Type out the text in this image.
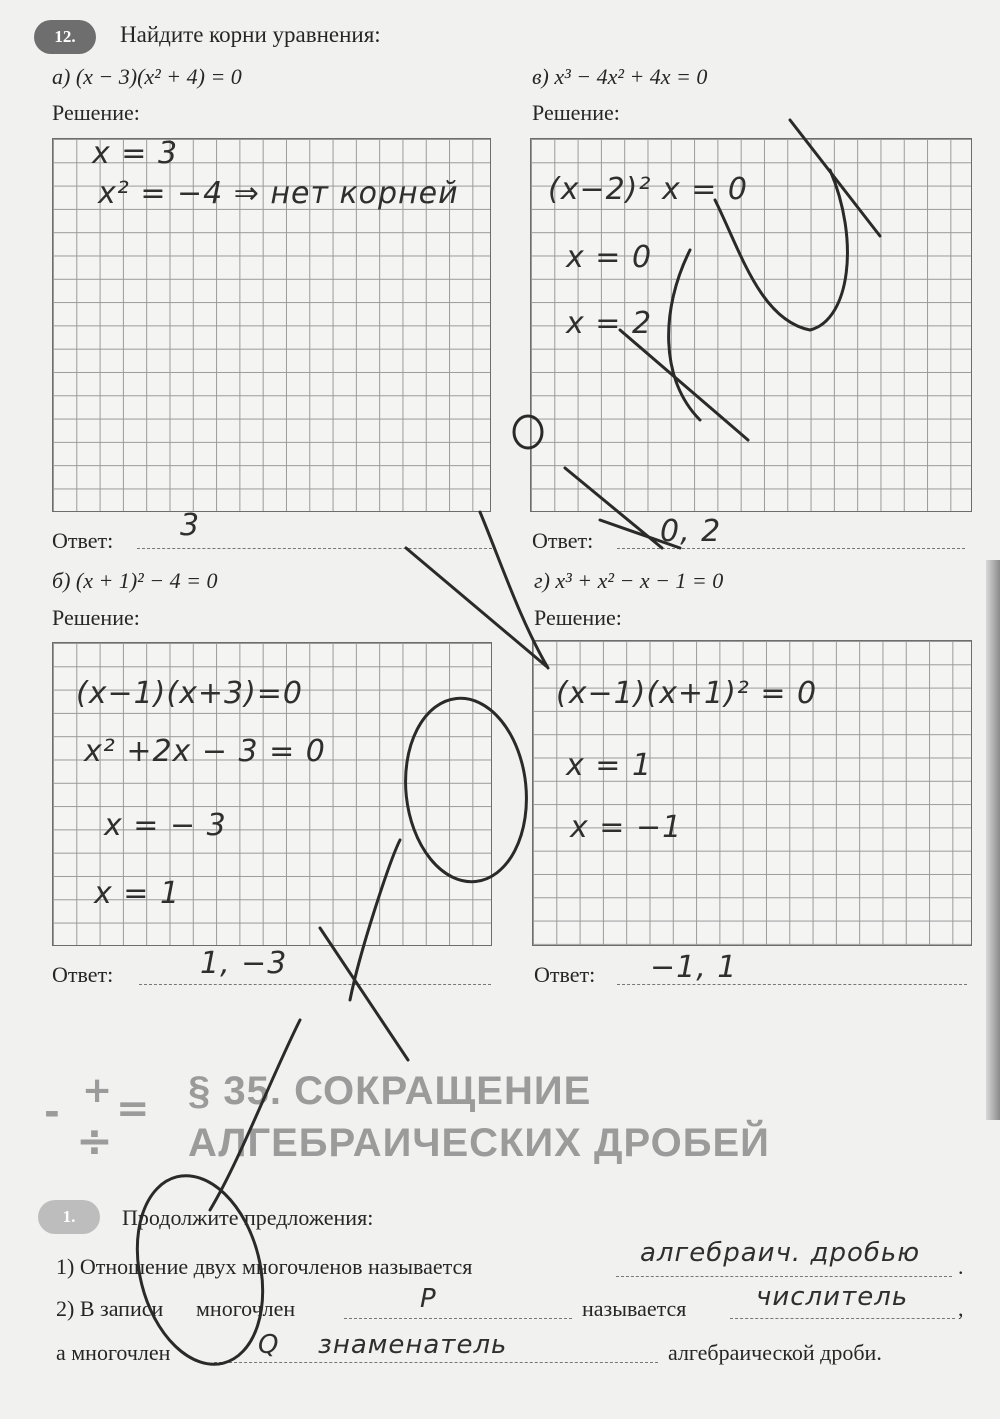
12.	Найдите корни уравнения:
а) (x − 3)(x² + 4) = 0
Решение:
x = 3
x² = −4 ⇒ нет корней
Ответ: 3
в) x³ − 4x² + 4x = 0
Решение:
(x−2)² x = 0
x = 0
x = 2
Ответ: 0, 2
б) (x + 1)² − 4 = 0
Решение:
(x−1)(x+3)=0
x² +2x − 3 = 0
x = − 3
x = 1
Ответ:	1, −3
г) x³ + x² − x − 1 = 0
Решение:
(x−1)(x+1)² = 0
x = 1
x = −1
Ответ: −1, 1
- + =
÷
§ 35. СОКРАЩЕНИЕ
АЛГЕБРАИЧЕСКИХ ДРОБЕЙ
1.	Продолжите предложения:
1) Отношение двух многочленов называется	алгебраич. дробью .
2) В записи многочлен	P	называется	числитель ,
а многочлен	Q знаменатель	алгебраической дроби.
